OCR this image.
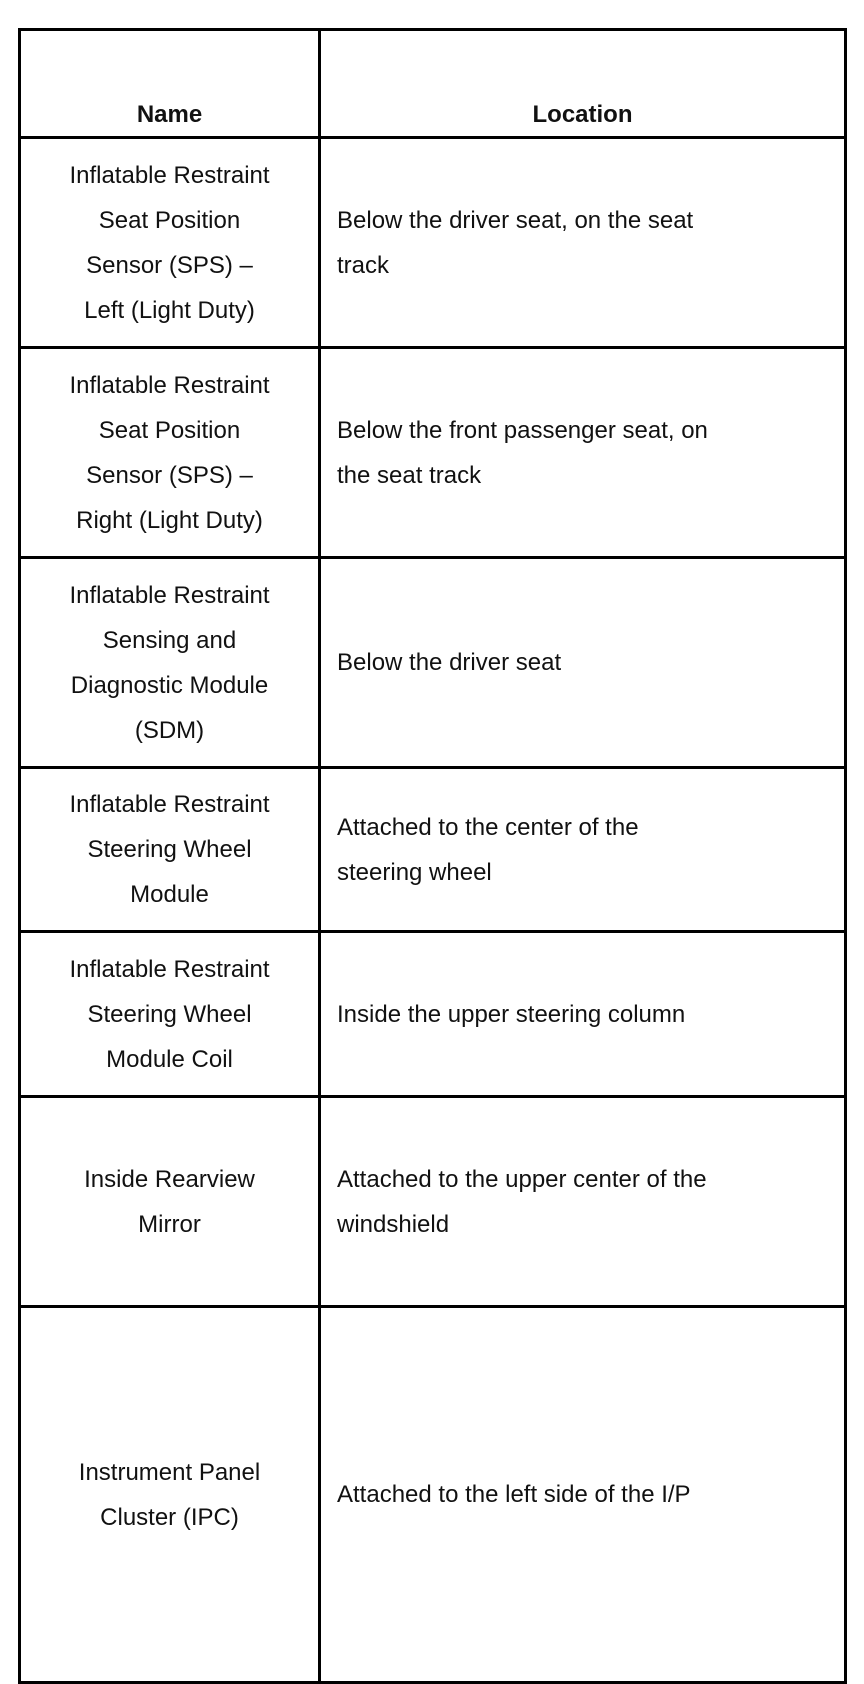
Name	Location

Inflatable Restraint
Seat Position
Sensor (SPS) –
Left (Light Duty)	Below the driver seat, on the seat
track

Inflatable Restraint
Seat Position
Sensor (SPS) –
Right (Light Duty)	Below the front passenger seat, on
the seat track

Inflatable Restraint
Sensing and
Diagnostic Module
(SDM)	Below the driver seat

Inflatable Restraint
Steering Wheel
Module	Attached to the center of the
steering wheel

Inflatable Restraint
Steering Wheel
Module Coil	Inside the upper steering column

Inside Rearview
Mirror	Attached to the upper center of the
windshield

Instrument Panel
Cluster (IPC)	Attached to the left side of the I/P
